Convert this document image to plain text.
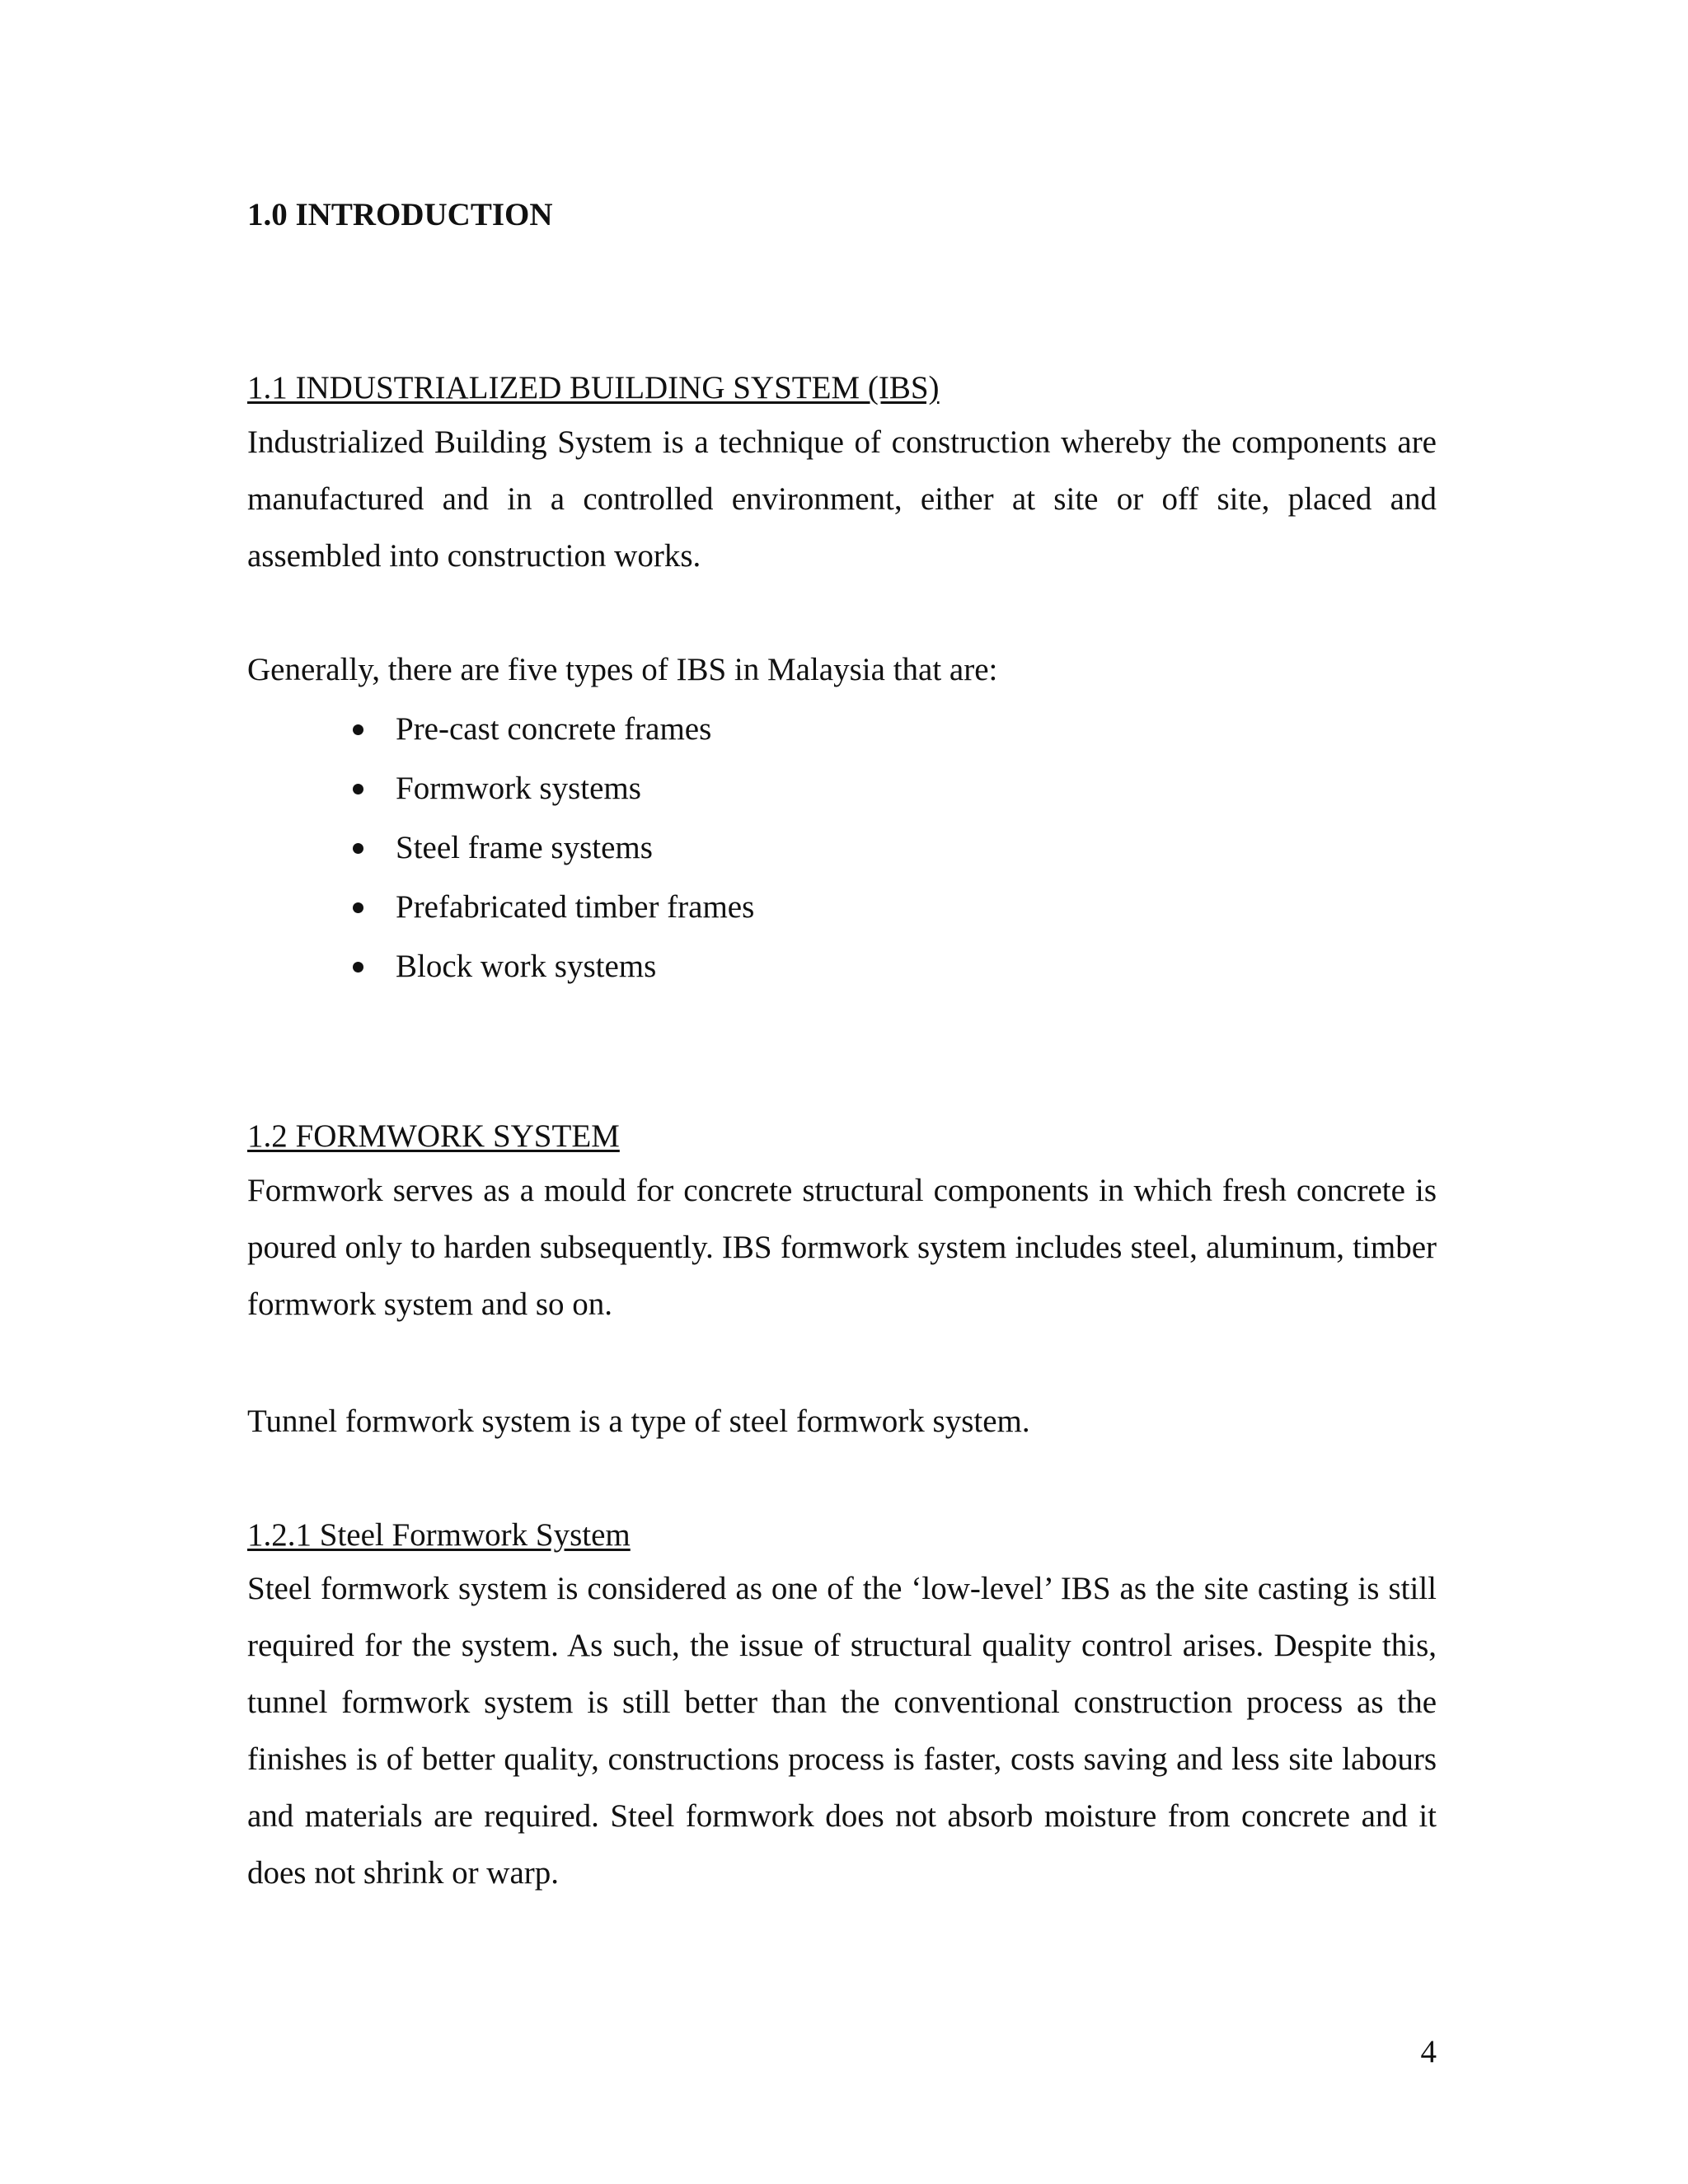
1.0 INTRODUCTION
1.1 INDUSTRIALIZED BUILDING SYSTEM (IBS)

Industrialized Building System is a technique of construction whereby the components are manufactured and in a controlled environment, either at site or off site, placed and assembled into construction works.

Generally, there are five types of IBS in Malaysia that are:

Pre-cast concrete frames
Formwork systems
Steel frame systems
Prefabricated timber frames
Block work systems
1.2 FORMWORK SYSTEM

Formwork serves as a mould for concrete structural components in which fresh concrete is poured only to harden subsequently. IBS formwork system includes steel, aluminum, timber formwork system and so on.

Tunnel formwork system is a type of steel formwork system.

1.2.1 Steel Formwork System

Steel formwork system is considered as one of the ‘low-level’ IBS as the site casting is still required for the system. As such, the issue of structural quality control arises. Despite this, tunnel formwork system is still better than the conventional construction process as the finishes is of better quality, constructions process is faster, costs saving and less site labours and materials are required. Steel formwork does not absorb moisture from concrete and it does not shrink or warp.

4
